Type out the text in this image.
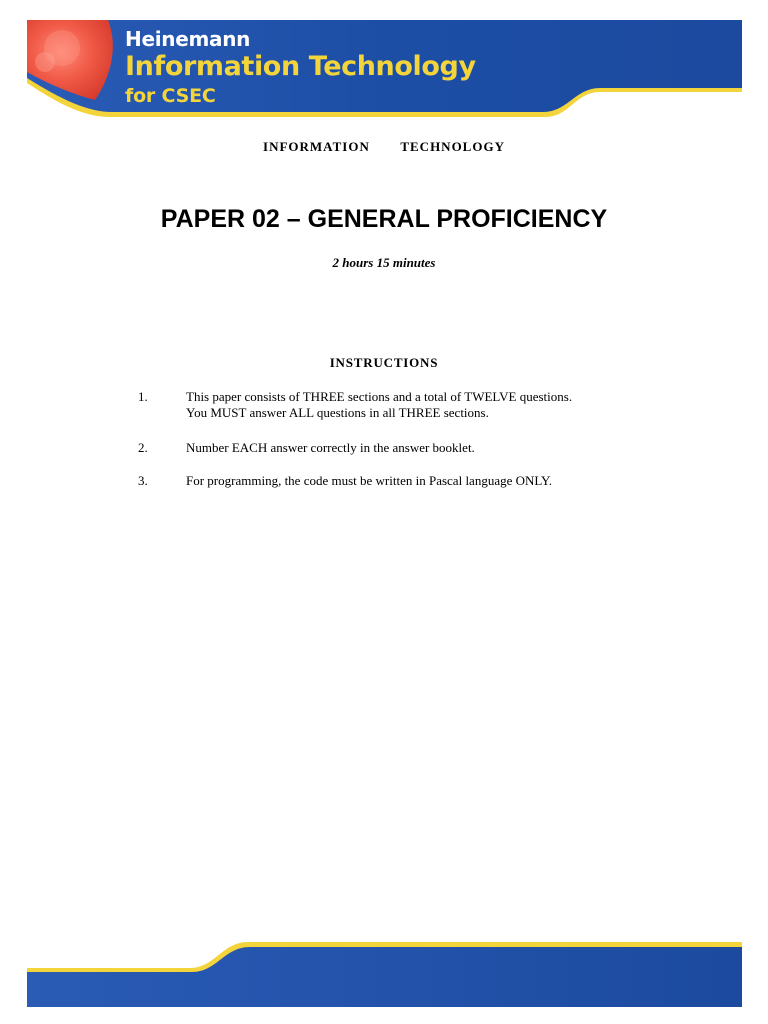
Heinemann
Information Technology
for CSEC
INFORMATION   TECHNOLOGY
PAPER 02 – GENERAL PROFICIENCY
2 hours 15 minutes
INSTRUCTIONS
1.	This paper consists of THREE sections and a total of TWELVE questions.
You MUST answer ALL questions in all THREE sections.
2.	Number EACH answer correctly in the answer booklet.
3.	For programming, the code must be written in Pascal language ONLY.
